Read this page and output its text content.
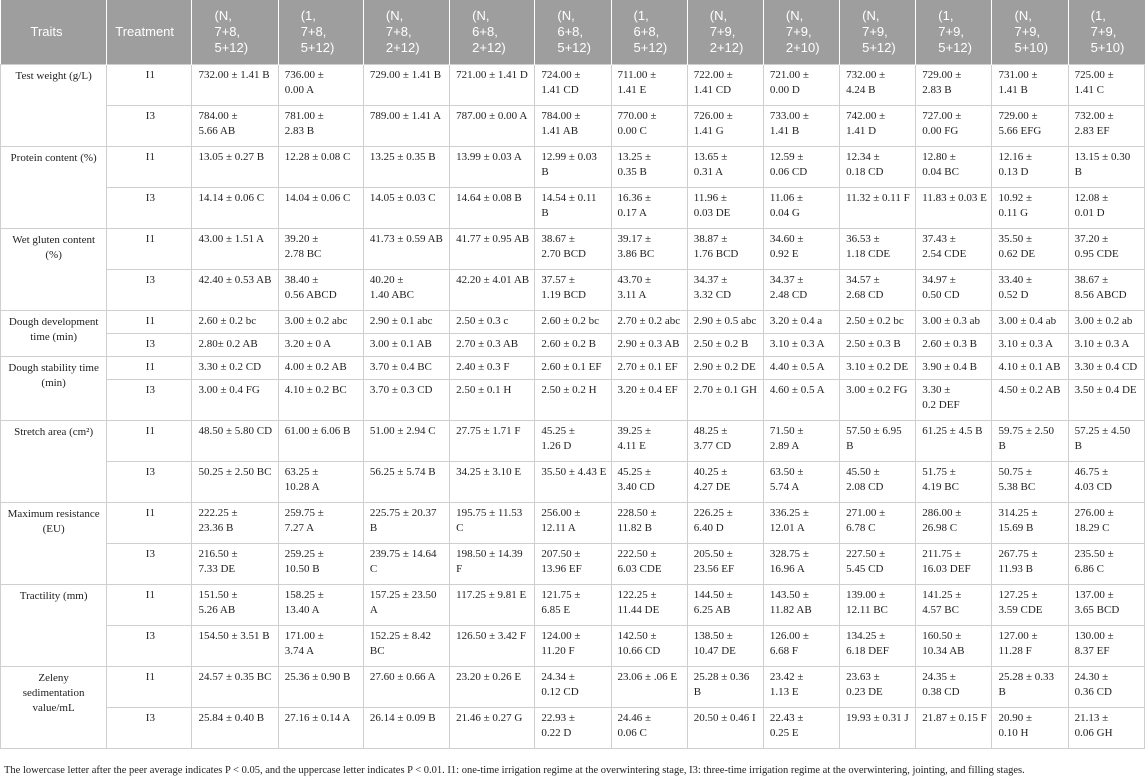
Traits	Treatment	(N,
7+8, 5+12)	(1,
7+8,
5+12)	(N,
7+8, 2+12)	(N,
6+8, 2+12)	(N,
6+8,
5+12)	(1,
6+8,
5+12)	(N,
7+9,
2+12)	(N,
7+9,
2+10)	(N,
7+9,
5+12)	(1,
7+9,
5+12)	(N,
7+9,
5+10)	(1,
7+9,
5+10)

Test weight (g/L)	I1	732.00 ± 1.41 B	736.00 ±
0.00 A	729.00 ± 1.41 B	721.00 ± 1.41 D	724.00 ±
1.41 CD	711.00 ±
1.41 E	722.00 ±
1.41 CD	721.00 ±
0.00 D	732.00 ±
4.24 B	729.00 ±
2.83 B	731.00 ±
1.41 B	725.00 ±
1.41 C

	I3	784.00 ±
5.66 AB	781.00 ±
2.83 B	789.00 ± 1.41 A	787.00 ± 0.00 A	784.00 ±
1.41 AB	770.00 ±
0.00 C	726.00 ±
1.41 G	733.00 ±
1.41 B	742.00 ±
1.41 D	727.00 ±
0.00 FG	729.00 ±
5.66 EFG	732.00 ±
2.83 EF

Protein content (%)	I1	13.05 ± 0.27 B	12.28 ± 0.08 C	13.25 ± 0.35 B	13.99 ± 0.03 A	12.99 ± 0.03 B	13.25 ±
0.35 B	13.65 ±
0.31 A	12.59 ±
0.06 CD	12.34 ±
0.18 CD	12.80 ±
0.04 BC	12.16 ±
0.13 D	13.15 ± 0.30 B

	I3	14.14 ± 0.06 C	14.04 ± 0.06 C	14.05 ± 0.03 C	14.64 ± 0.08 B	14.54 ± 0.11 B	16.36 ±
0.17 A	11.96 ±
0.03 DE	11.06 ±
0.04 G	11.32 ± 0.11 F	11.83 ± 0.03 E	10.92 ±
0.11 G	12.08 ±
0.01 D

Wet gluten content (%)	I1	43.00 ± 1.51 A	39.20 ±
2.78 BC	41.73 ± 0.59 AB	41.77 ± 0.95 AB	38.67 ±
2.70 BCD	39.17 ±
3.86 BC	38.87 ±
1.76 BCD	34.60 ±
0.92 E	36.53 ±
1.18 CDE	37.43 ±
2.54 CDE	35.50 ±
0.62 DE	37.20 ±
0.95 CDE

	I3	42.40 ± 0.53 AB	38.40 ±
0.56 ABCD	40.20 ±
1.40 ABC	42.20 ± 4.01 AB	37.57 ±
1.19 BCD	43.70 ±
3.11 A	34.37 ±
3.32 CD	34.37 ±
2.48 CD	34.57 ±
2.68 CD	34.97 ±
0.50 CD	33.40 ±
0.52 D	38.67 ±
8.56 ABCD

Dough development time (min)	I1	2.60 ± 0.2 bc	3.00 ± 0.2 abc	2.90 ± 0.1 abc	2.50 ± 0.3 c	2.60 ± 0.2 bc	2.70 ± 0.2 abc	2.90 ± 0.5 abc	3.20 ± 0.4 a	2.50 ± 0.2 bc	3.00 ± 0.3 ab	3.00 ± 0.4 ab	3.00 ± 0.2 ab

	I3	2.80± 0.2 AB	3.20 ± 0 A	3.00 ± 0.1 AB	2.70 ± 0.3 AB	2.60 ± 0.2 B	2.90 ± 0.3 AB	2.50 ± 0.2 B	3.10 ± 0.3 A	2.50 ± 0.3 B	2.60 ± 0.3 B	3.10 ± 0.3 A	3.10 ± 0.3 A

Dough stability time (min)	I1	3.30 ± 0.2 CD	4.00 ± 0.2 AB	3.70 ± 0.4 BC	2.40 ± 0.3 F	2.60 ± 0.1 EF	2.70 ± 0.1 EF	2.90 ± 0.2 DE	4.40 ± 0.5 A	3.10 ± 0.2 DE	3.90 ± 0.4 B	4.10 ± 0.1 AB	3.30 ± 0.4 CD

	I3	3.00 ± 0.4 FG	4.10 ± 0.2 BC	3.70 ± 0.3 CD	2.50 ± 0.1 H	2.50 ± 0.2 H	3.20 ± 0.4 EF	2.70 ± 0.1 GH	4.60 ± 0.5 A	3.00 ± 0.2 FG	3.30 ±
0.2 DEF	4.50 ± 0.2 AB	3.50 ± 0.4 DE

Stretch area (cm²)	I1	48.50 ± 5.80 CD	61.00 ± 6.06 B	51.00 ± 2.94 C	27.75 ± 1.71 F	45.25 ±
1.26 D	39.25 ±
4.11 E	48.25 ±
3.77 CD	71.50 ±
2.89 A	57.50 ± 6.95 B	61.25 ± 4.5 B	59.75 ± 2.50 B	57.25 ± 4.50 B

	I3	50.25 ± 2.50 BC	63.25 ±
10.28 A	56.25 ± 5.74 B	34.25 ± 3.10 E	35.50 ± 4.43 E	45.25 ±
3.40 CD	40.25 ±
4.27 DE	63.50 ±
5.74 A	45.50 ±
2.08 CD	51.75 ±
4.19 BC	50.75 ±
5.38 BC	46.75 ±
4.03 CD

Maximum resistance (EU)	I1	222.25 ±
23.36 B	259.75 ±
7.27 A	225.75 ± 20.37 B	195.75 ± 11.53 C	256.00 ±
12.11 A	228.50 ±
11.82 B	226.25 ±
6.40 D	336.25 ±
12.01 A	271.00 ±
6.78 C	286.00 ±
26.98 C	314.25 ±
15.69 B	276.00 ±
18.29 C

	I3	216.50 ±
7.33 DE	259.25 ±
10.50 B	239.75 ± 14.64 C	198.50 ± 14.39 F	207.50 ±
13.96 EF	222.50 ±
6.03 CDE	205.50 ±
23.56 EF	328.75 ±
16.96 A	227.50 ±
5.45 CD	211.75 ±
16.03 DEF	267.75 ±
11.93 B	235.50 ±
6.86 C

Tractility (mm)	I1	151.50 ±
5.26 AB	158.25 ±
13.40 A	157.25 ± 23.50 A	117.25 ± 9.81 E	121.75 ±
6.85 E	122.25 ±
11.44 DE	144.50 ±
6.25 AB	143.50 ±
11.82 AB	139.00 ±
12.11 BC	141.25 ±
4.57 BC	127.25 ±
3.59 CDE	137.00 ±
3.65 BCD

	I3	154.50 ± 3.51 B	171.00 ±
3.74 A	152.25 ± 8.42 BC	126.50 ± 3.42 F	124.00 ±
11.20 F	142.50 ±
10.66 CD	138.50 ±
10.47 DE	126.00 ±
6.68 F	134.25 ±
6.18 DEF	160.50 ±
10.34 AB	127.00 ±
11.28 F	130.00 ±
8.37 EF

Zeleny sedimentation value/mL	I1	24.57 ± 0.35 BC	25.36 ± 0.90 B	27.60 ± 0.66 A	23.20 ± 0.26 E	24.34 ±
0.12 CD	23.06 ± .06 E	25.28 ± 0.36 B	23.42 ±
1.13 E	23.63 ±
0.23 DE	24.35 ±
0.38 CD	25.28 ± 0.33 B	24.30 ±
0.36 CD

	I3	25.84 ± 0.40 B	27.16 ± 0.14 A	26.14 ± 0.09 B	21.46 ± 0.27 G	22.93 ±
0.22 D	24.46 ±
0.06 C	20.50 ± 0.46 I	22.43 ±
0.25 E	19.93 ± 0.31 J	21.87 ± 0.15 F	20.90 ±
0.10 H	21.13 ±
0.06 GH
The lowercase letter after the peer average indicates P < 0.05, and the uppercase letter indicates P < 0.01. I1: one-time irrigation regime at the overwintering stage, I3: three-time irrigation regime at the overwintering, jointing, and filling stages.
